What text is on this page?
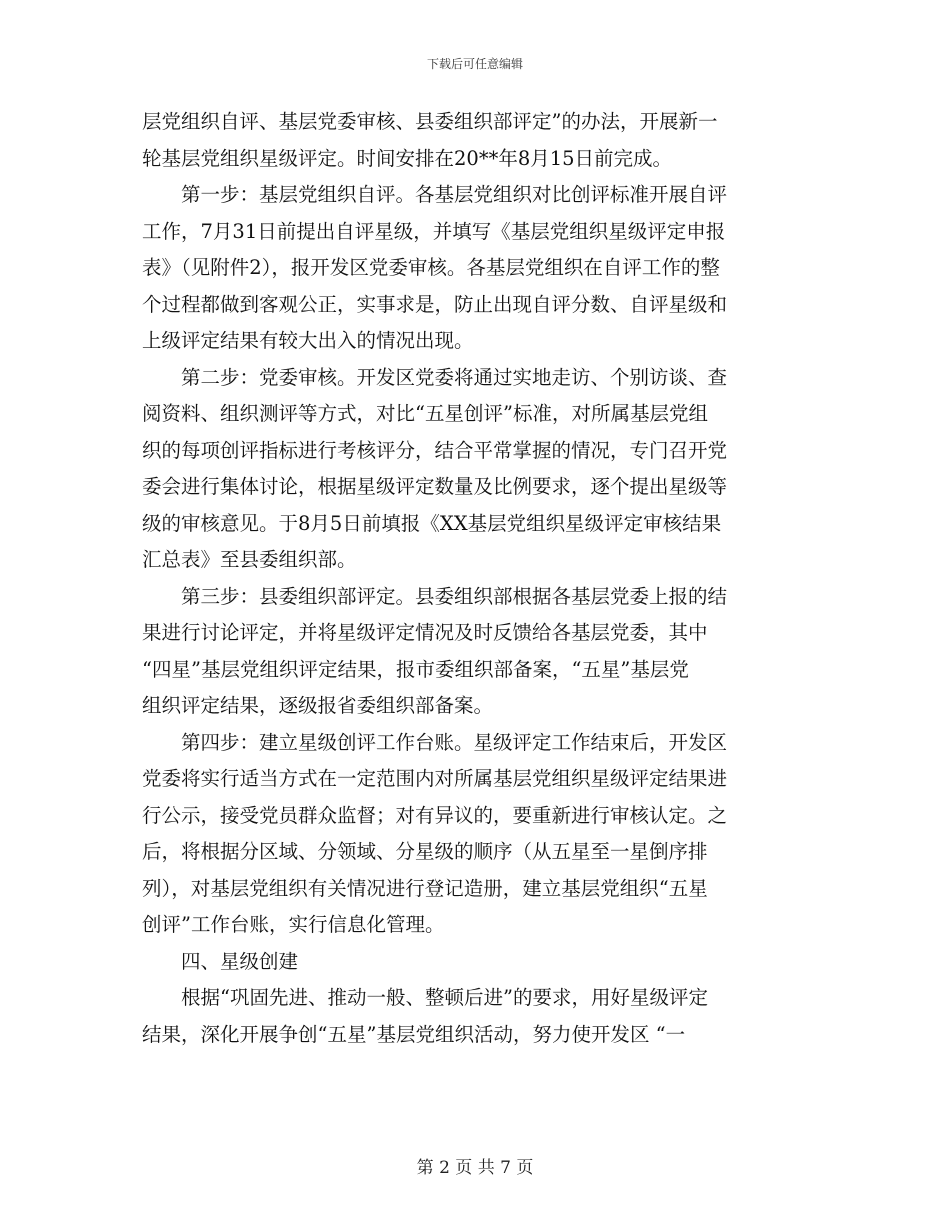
下载后可任意编辑
层党组织自评、基层党委审核、县委组织部评定”的办法，开展新一
轮基层党组织星级评定。时间安排在20**年8月15日前完成。
第一步：基层党组织自评。各基层党组织对比创评标准开展自评
工作，7月31日前提出自评星级，并填写《基层党组织星级评定申报
表》（见附件2），报开发区党委审核。各基层党组织在自评工作的整
个过程都做到客观公正，实事求是，防止出现自评分数、自评星级和
上级评定结果有较大出入的情况出现。
第二步：党委审核。开发区党委将通过实地走访、个别访谈、查
阅资料、组织测评等方式，对比“五星创评”标准，对所属基层党组
织的每项创评指标进行考核评分，结合平常掌握的情况，专门召开党
委会进行集体讨论，根据星级评定数量及比例要求，逐个提出星级等
级的审核意见。于8月5日前填报《XX基层党组织星级评定审核结果
汇总表》至县委组织部。
第三步：县委组织部评定。县委组织部根据各基层党委上报的结
果进行讨论评定，并将星级评定情况及时反馈给各基层党委，其中
“四星”基层党组织评定结果，报市委组织部备案，“五星”基层党
组织评定结果，逐级报省委组织部备案。
第四步：建立星级创评工作台账。星级评定工作结束后，开发区
党委将实行适当方式在一定范围内对所属基层党组织星级评定结果进
行公示，接受党员群众监督；对有异议的，要重新进行审核认定。之
后，将根据分区域、分领域、分星级的顺序（从五星至一星倒序排
列），对基层党组织有关情况进行登记造册，建立基层党组织“五星
创评”工作台账，实行信息化管理。
四、星级创建
根据“巩固先进、推动一般、整顿后进”的要求，用好星级评定
结果，深化开展争创“五星”基层党组织活动，努力使开发区 “一
第 2 页 共 7 页
